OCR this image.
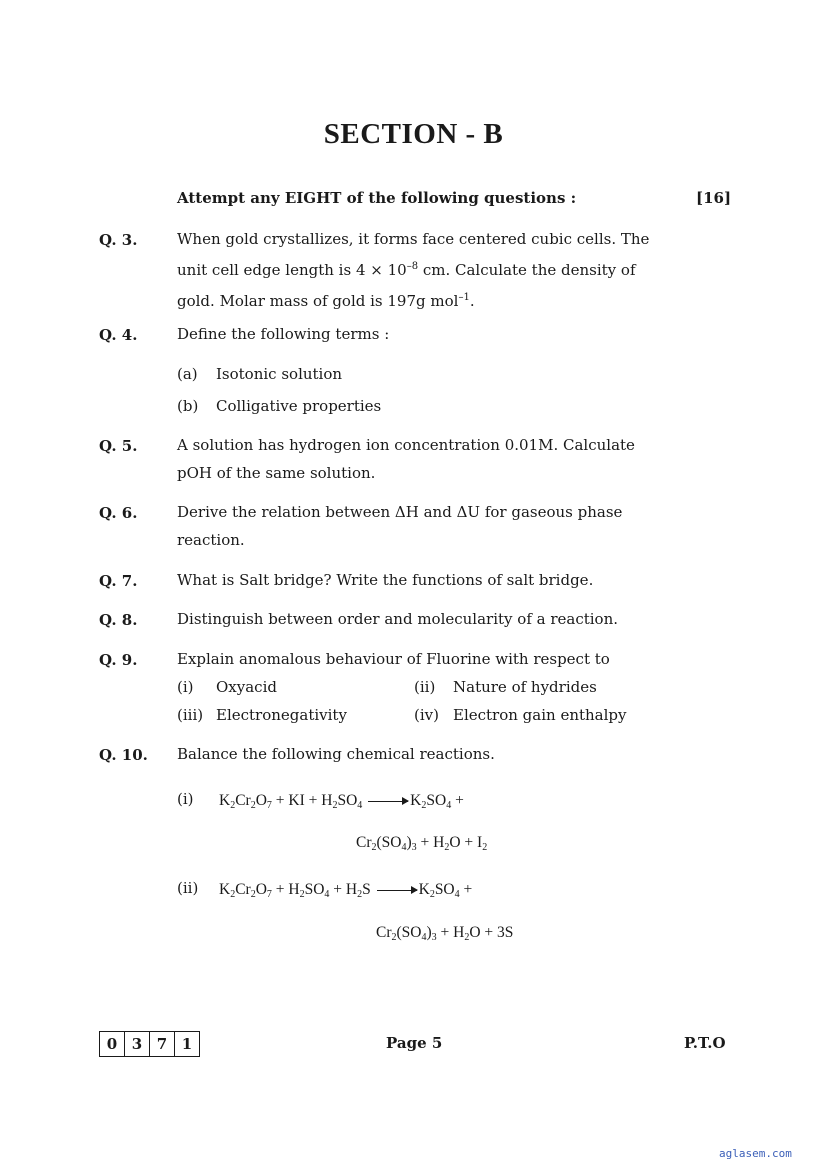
SECTION - B
Attempt any EIGHT of the following questions :	[16]
Q. 3.	When gold crystallizes, it forms face centered cubic cells. The
unit cell edge length is $4 \times 10^{-8}$ cm. Calculate the density of
gold. Molar mass of gold is 197g mol$^{-1}$.
Q. 4.	Define the following terms :
(a) Isotonic solution
(b) Colligative properties
Q. 5.	A solution has hydrogen ion concentration 0.01M. Calculate
pOH of the same solution.
Q. 6.	Derive the relation between ΔH and ΔU for gaseous phase
reaction.
Q. 7.	What is Salt bridge? Write the functions of salt bridge.
Q. 8.	Distinguish between order and molecularity of a reaction.
Q. 9.	Explain anomalous behaviour of Fluorine with respect to
(i) Oxyacid	(ii) Nature of hydrides
(iii) Electronegativity	(iv) Electron gain enthalpy
Q. 10. Balance the following chemical reactions.
(i) $K_2Cr_2O_7$ + KI + $H_2SO_4 \to K_2SO_4$ +
$Cr_2(SO_4)_3 + H_2O + I_2$
(ii) $K_2Cr_2O_7 + H_2SO_4 + H_2S \to K_2SO_4$ +
$Cr_2(SO_4)_3 + H_2O + 3S$
0 3 7 1	Page 5	P.T.O
aglasem.com
